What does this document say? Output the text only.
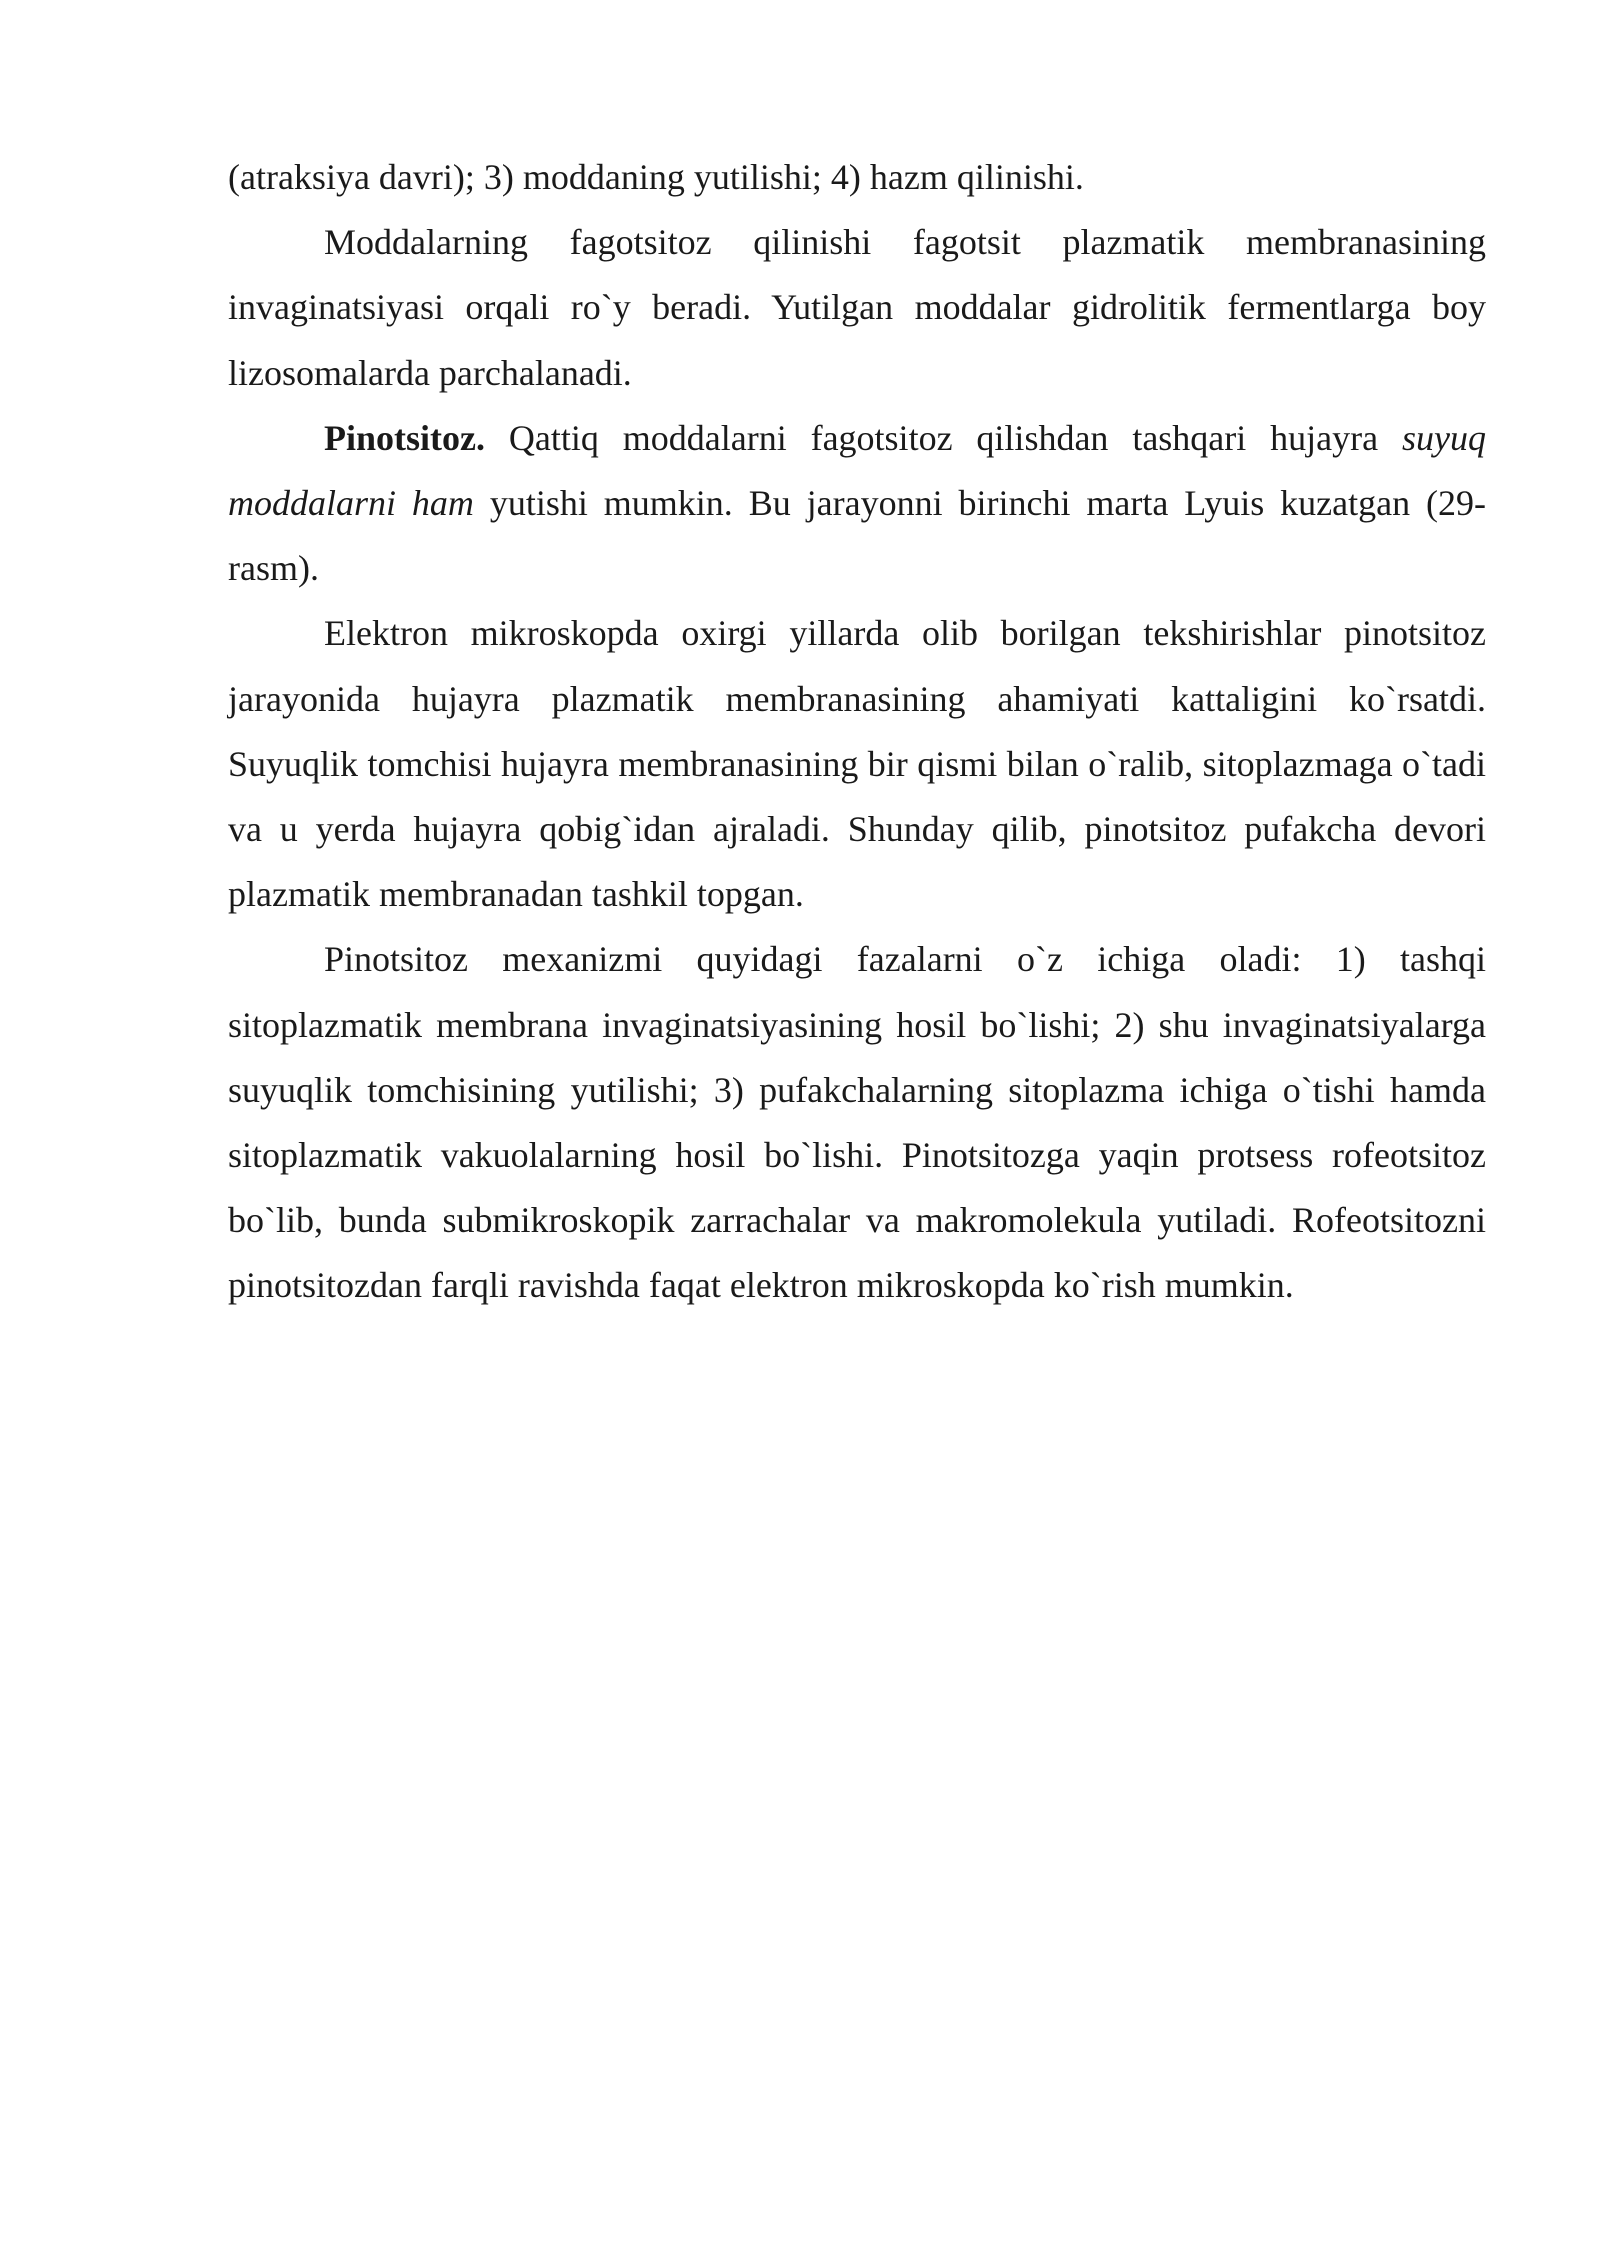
(atraksiya davri); 3) moddaning yutilishi; 4) hazm qilinishi.

Moddalarning fagotsitoz qilinishi fagotsit plazmatik membranasining invaginatsiyasi orqali ro`y beradi. Yutilgan moddalar gidrolitik fermentlarga boy lizosomalarda parchalanadi.

Pinotsitoz. Qattiq moddalarni fagotsitoz qilishdan tashqari hujayra suyuq moddalarni ham yutishi mumkin. Bu jarayonni birinchi marta Lyuis kuzatgan (29-rasm).

Elektron mikroskopda oxirgi yillarda olib borilgan tekshirishlar pinotsitoz jarayonida hujayra plazmatik membranasining ahamiyati kattaligini ko`rsatdi. Suyuqlik tomchisi hujayra membranasining bir qismi bilan o`ralib, sitoplazmaga o`tadi va u yerda hujayra qobig`idan ajraladi. Shunday qilib, pinotsitoz pufakcha devori plazmatik membranadan tashkil topgan.

Pinotsitoz mexanizmi quyidagi fazalarni o`z ichiga oladi: 1) tashqi sitoplazmatik membrana invaginatsiyasining hosil bo`lishi; 2) shu invaginatsiyalarga suyuqlik tomchisining yutilishi; 3) pufakchalarning sitoplazma ichiga o`tishi hamda sitoplazmatik vakuolalarning hosil bo`lishi. Pinotsitozga yaqin protsess rofeotsitoz bo`lib, bunda submikroskopik zarrachalar va makromolekula yutiladi. Rofeotsitozni pinotsitozdan farqli ravishda faqat elektron mikroskopda ko`rish mumkin.
